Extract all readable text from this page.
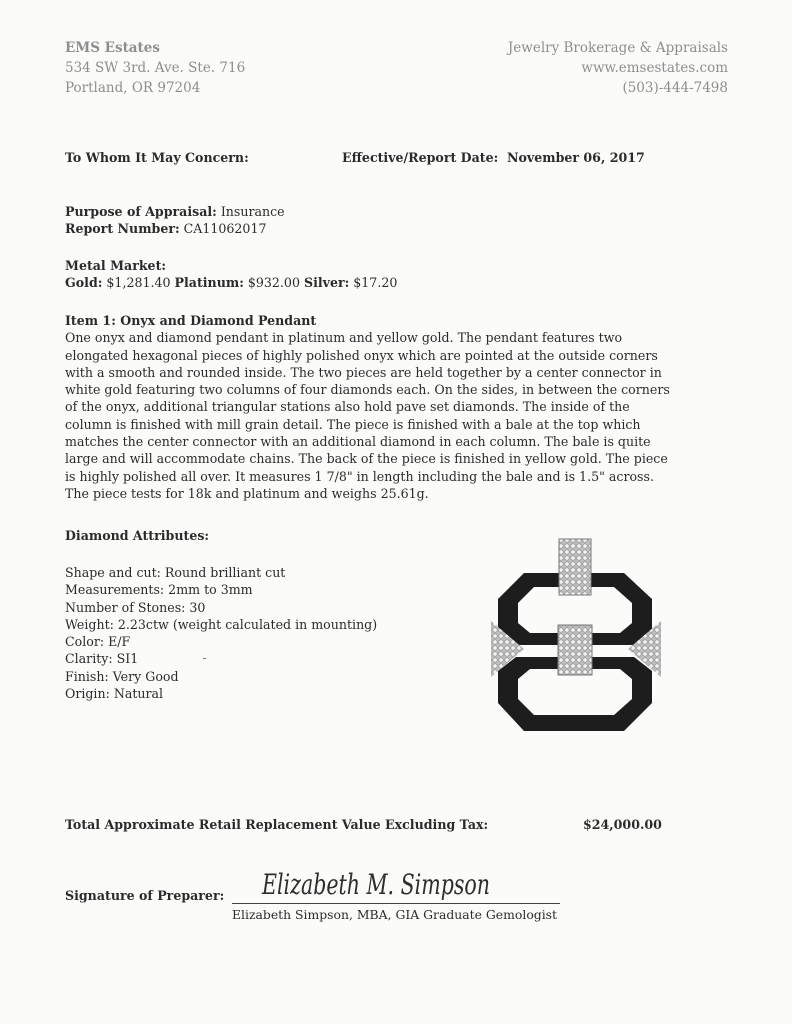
EMS Estates
534 SW 3rd. Ave. Ste. 716
Portland, OR 97204
Jewelry Brokerage & Appraisals
www.emsestates.com
(503)-444-7498
To Whom It May Concern:	Effective/Report Date: November 06, 2017
Purpose of Appraisal: Insurance
Report Number: CA11062017
Metal Market:
Gold: $1,281.40 Platinum: $932.00 Silver: $17.20
Item 1: Onyx and Diamond Pendant

One onyx and diamond pendant in platinum and yellow gold. The pendant features two elongated hexagonal pieces of highly polished onyx which are pointed at the outside corners with a smooth and rounded inside. The two pieces are held together by a center connector in white gold featuring two columns of four diamonds each. On the sides, in between the corners of the onyx, additional triangular stations also hold pave set diamonds. The inside of the column is finished with mill grain detail. The piece is finished with a bale at the top which matches the center connector with an additional diamond in each column. The bale is quite large and will accommodate chains. The back of the piece is finished in yellow gold. The piece is highly polished all over. It measures 1 7/8" in length including the bale and is 1.5" across. The piece tests for 18k and platinum and weighs 25.61g.

Diamond Attributes:
Shape and cut: Round brilliant cut
Measurements: 2mm to 3mm
Number of Stones: 30
Weight: 2.23ctw (weight calculated in mounting)
Color: E/F
Clarity: SI1
Finish: Very Good
Origin: Natural
Total Approximate Retail Replacement Value Excluding Tax:	$24,000.00
Signature of Preparer: Elizabeth M. Simpson
Elizabeth Simpson, MBA, GIA Graduate Gemologist
